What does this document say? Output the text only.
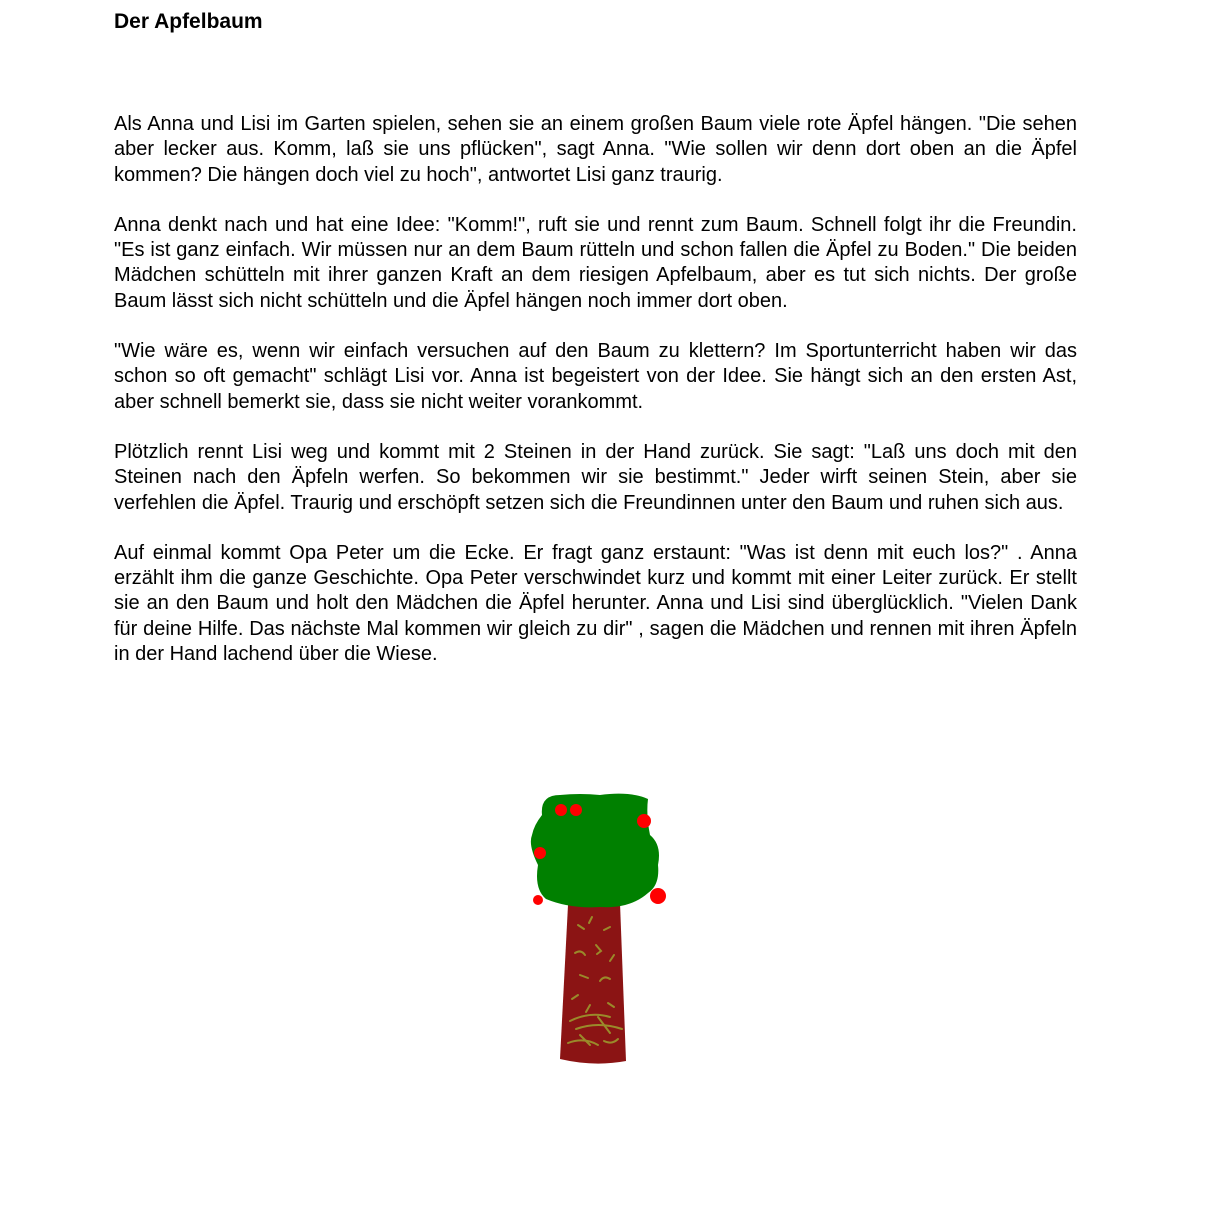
Der Apfelbaum

Als Anna und Lisi im Garten spielen, sehen sie an einem großen Baum viele rote Äpfel hängen. "Die sehen aber lecker aus. Komm, laß sie uns pflücken", sagt Anna. "Wie sollen wir denn dort oben an die Äpfel kommen? Die hängen doch viel zu hoch", antwortet Lisi ganz traurig.

Anna denkt nach und hat eine Idee: "Komm!", ruft sie und rennt zum Baum. Schnell folgt ihr die Freundin. "Es ist ganz einfach. Wir müssen nur an dem Baum rütteln und schon fallen die Äpfel zu Boden." Die beiden Mädchen schütteln mit ihrer ganzen Kraft an dem riesigen Apfelbaum, aber es tut sich nichts. Der große Baum lässt sich nicht schütteln und die Äpfel hängen noch immer dort oben.

"Wie wäre es, wenn wir einfach versuchen auf den Baum zu klettern? Im Sportunterricht haben wir das schon so oft gemacht" schlägt Lisi vor. Anna ist begeistert von der Idee. Sie hängt sich an den ersten Ast, aber schnell bemerkt sie, dass sie nicht weiter vorankommt.

Plötzlich rennt Lisi weg und kommt mit 2 Steinen in der Hand zurück. Sie sagt: "Laß uns doch mit den Steinen nach den Äpfeln werfen. So bekommen wir sie bestimmt." Jeder wirft seinen Stein, aber sie verfehlen die Äpfel. Traurig und erschöpft setzen sich die Freundinnen unter den Baum und ruhen sich aus.

Auf einmal kommt Opa Peter um die Ecke. Er fragt ganz erstaunt: "Was ist denn mit euch los?" . Anna erzählt ihm die ganze Geschichte. Opa Peter verschwindet kurz und kommt mit einer Leiter zurück. Er stellt sie an den Baum und holt den Mädchen die Äpfel herunter. Anna und Lisi sind überglücklich. "Vielen Dank für deine Hilfe. Das nächste Mal kommen wir gleich zu dir" , sagen die Mädchen und rennen mit ihren Äpfeln in der Hand lachend über die Wiese.
